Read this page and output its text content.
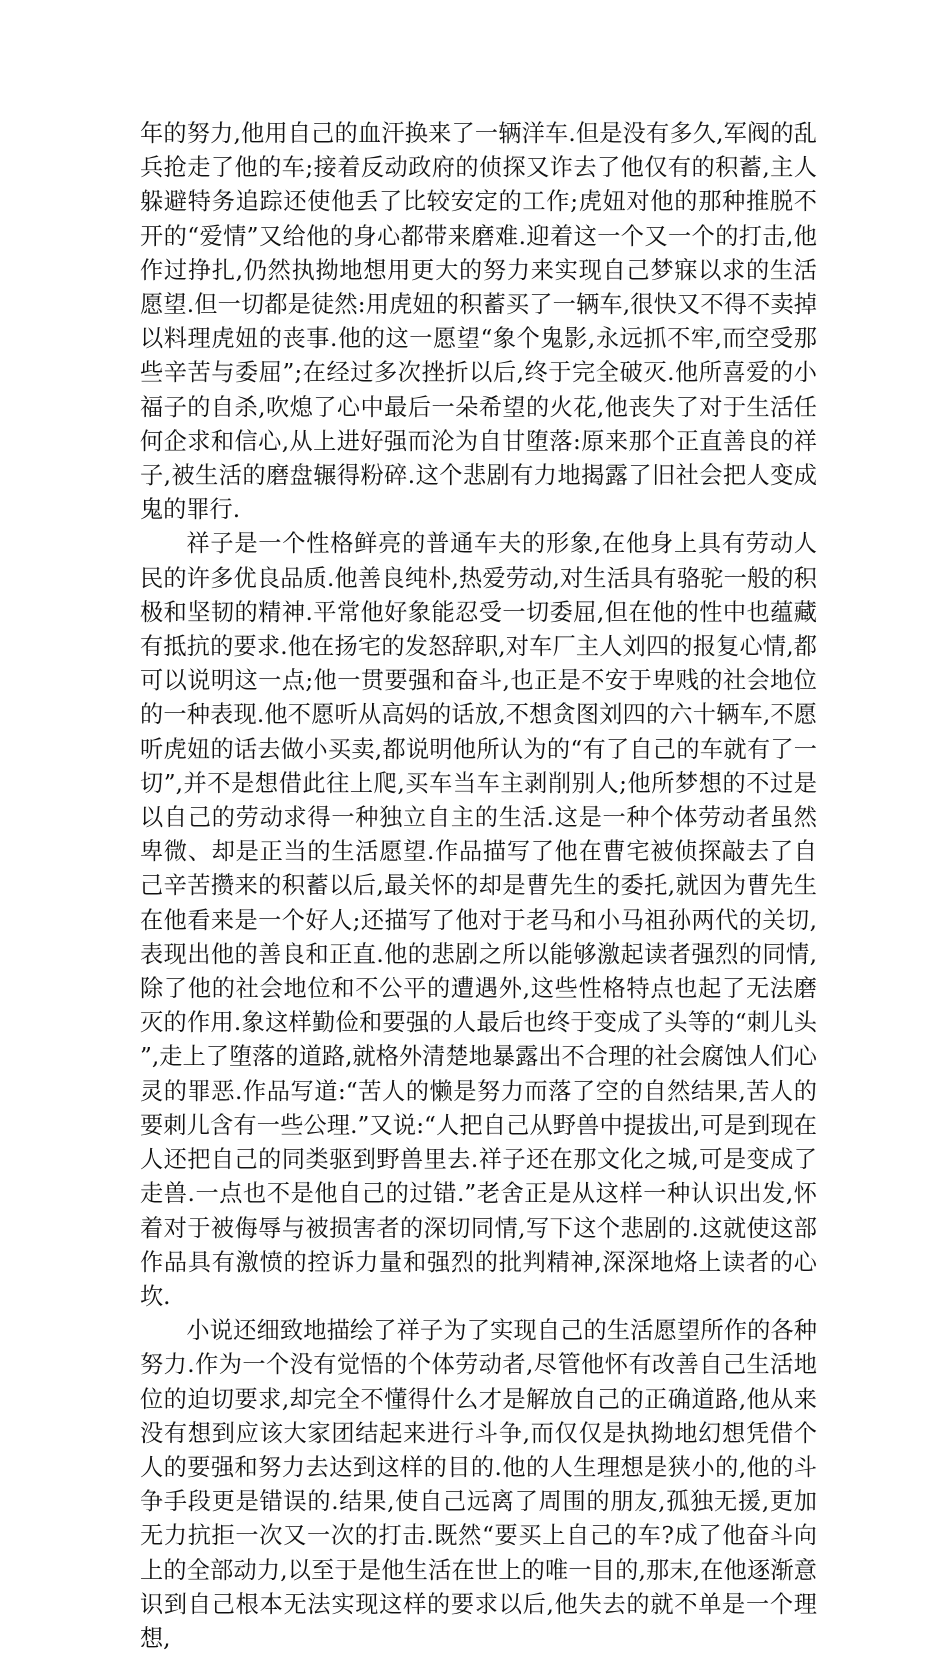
年的努力,他用自己的血汗换来了一辆洋车.但是没有多久,军阀的乱兵抢走了他的车;接着反动政府的侦探又诈去了他仅有的积蓄,主人躲避特务追踪还使他丢了比较安定的工作;虎妞对他的那种推脱不开的“爱情”又给他的身心都带来磨难.迎着这一个又一个的打击,他作过挣扎,仍然执拗地想用更大的努力来实现自己梦寐以求的生活愿望.但一切都是徒然:用虎妞的积蓄买了一辆车,很快又不得不卖掉以料理虎妞的丧事.他的这一愿望“象个鬼影,永远抓不牢,而空受那些辛苦与委屈”;在经过多次挫折以后,终于完全破灭.他所喜爱的小福子的自杀,吹熄了心中最后一朵希望的火花,他丧失了对于生活任何企求和信心,从上进好强而沦为自甘堕落:原来那个正直善良的祥子,被生活的磨盘辗得粉碎.这个悲剧有力地揭露了旧社会把人变成鬼的罪行.

祥子是一个性格鲜亮的普通车夫的形象,在他身上具有劳动人民的许多优良品质.他善良纯朴,热爱劳动,对生活具有骆驼一般的积极和坚韧的精神.平常他好象能忍受一切委屈,但在他的性中也蕴藏有抵抗的要求.他在扬宅的发怒辞职,对车厂主人刘四的报复心情,都可以说明这一点;他一贯要强和奋斗,也正是不安于卑贱的社会地位的一种表现.他不愿听从高妈的话放,不想贪图刘四的六十辆车,不愿听虎妞的话去做小买卖,都说明他所认为的“有了自己的车就有了一切”,并不是想借此往上爬,买车当车主剥削别人;他所梦想的不过是以自己的劳动求得一种独立自主的生活.这是一种个体劳动者虽然卑微、却是正当的生活愿望.作品描写了他在曹宅被侦探敲去了自己辛苦攒来的积蓄以后,最关怀的却是曹先生的委托,就因为曹先生在他看来是一个好人;还描写了他对于老马和小马祖孙两代的关切,表现出他的善良和正直.他的悲剧之所以能够激起读者强烈的同情,除了他的社会地位和不公平的遭遇外,这些性格特点也起了无法磨灭的作用.象这样勤俭和要强的人最后也终于变成了头等的“刺儿头”,走上了堕落的道路,就格外清楚地暴露出不合理的社会腐蚀人们心灵的罪恶.作品写道:“苦人的懒是努力而落了空的自然结果,苦人的要刺儿含有一些公理.”又说:“人把自己从野兽中提拔出,可是到现在人还把自己的同类驱到野兽里去.祥子还在那文化之城,可是变成了走兽.一点也不是他自己的过错.”老舍正是从这样一种认识出发,怀着对于被侮辱与被损害者的深切同情,写下这个悲剧的.这就使这部作品具有激愤的控诉力量和强烈的批判精神,深深地烙上读者的心坎.

小说还细致地描绘了祥子为了实现自己的生活愿望所作的各种努力.作为一个没有觉悟的个体劳动者,尽管他怀有改善自己生活地位的迫切要求,却完全不懂得什么才是解放自己的正确道路,他从来没有想到应该大家团结起来进行斗争,而仅仅是执拗地幻想凭借个人的要强和努力去达到这样的目的.他的人生理想是狭小的,他的斗争手段更是错误的.结果,使自己远离了周围的朋友,孤独无援,更加无力抗拒一次又一次的打击.既然“要买上自己的车?成了他奋斗向上的全部动力,以至于是他生活在世上的唯一目的,那末,在他逐渐意识到自己根本无法实现这样的要求以后,他失去的就不单是一个理想,
